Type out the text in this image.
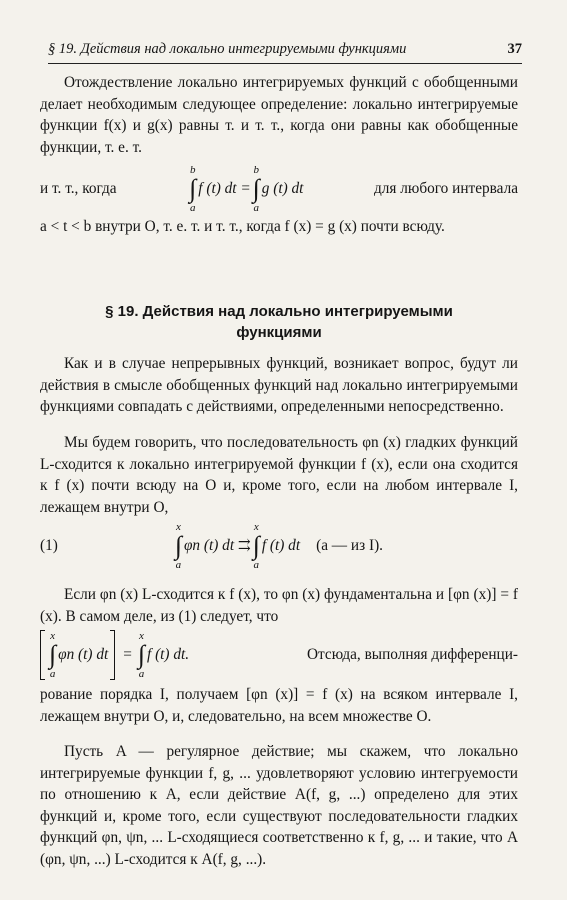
§ 19. Действия над локально интегрируемыми функциями	37

Отождествление локально интегрируемых функций с обобщенными делает необходимым следующее определение: локально интегрируемые функции f(x) и g(x) равны т. и т. т., когда они равны как обобщенные функции, т. е. т.

и т. т., когда
b
∫
a
f (t) dt =
b
∫
a
g (t) dt	для любого интервала

a < t < b внутри O, т. е. т. и т. т., когда f (x) = g (x) почти всюду.

§ 19. Действия над локально интегрируемыми
функциями

Как и в случае непрерывных функций, возникает вопрос, будут ли действия в смысле обобщенных функций над локально интегрируемыми функциями совпадать с действиями, определенными непосредственно.

Мы будем говорить, что последовательность φn (x) гладких функций L-сходится к локально интегрируемой функции f (x), если она сходится к f (x) почти всюду на O и, кроме того, если на любом интервале I, лежащем внутри O,

(1)
x
∫
a
φn (t) dt ⇉
x
∫
a
f (t) dt (a — из I).

Если φn (x) L-сходится к f (x), то φn (x) фундаментальна и [φn (x)] = f (x). В самом деле, из (1) следует, что

x
∫
a
φn (t) dt =
x
∫
a
f (t) dt.	Отсюда, выполняя дифференци-

рование порядка I, получаем [φn (x)] = f (x) на всяком интервале I, лежащем внутри O, и, следовательно, на всем множестве O.

Пусть A — регулярное действие; мы скажем, что локально интегрируемые функции f, g, ... удовлетворяют условию интегруемости по отношению к A, если действие A(f, g, ...) определено для этих функций и, кроме того, если существуют последовательности гладких функций φn, ψn, ... L-сходящиеся соответственно к f, g, ... и такие, что A (φn, ψn, ...) L-сходится к A(f, g, ...).
